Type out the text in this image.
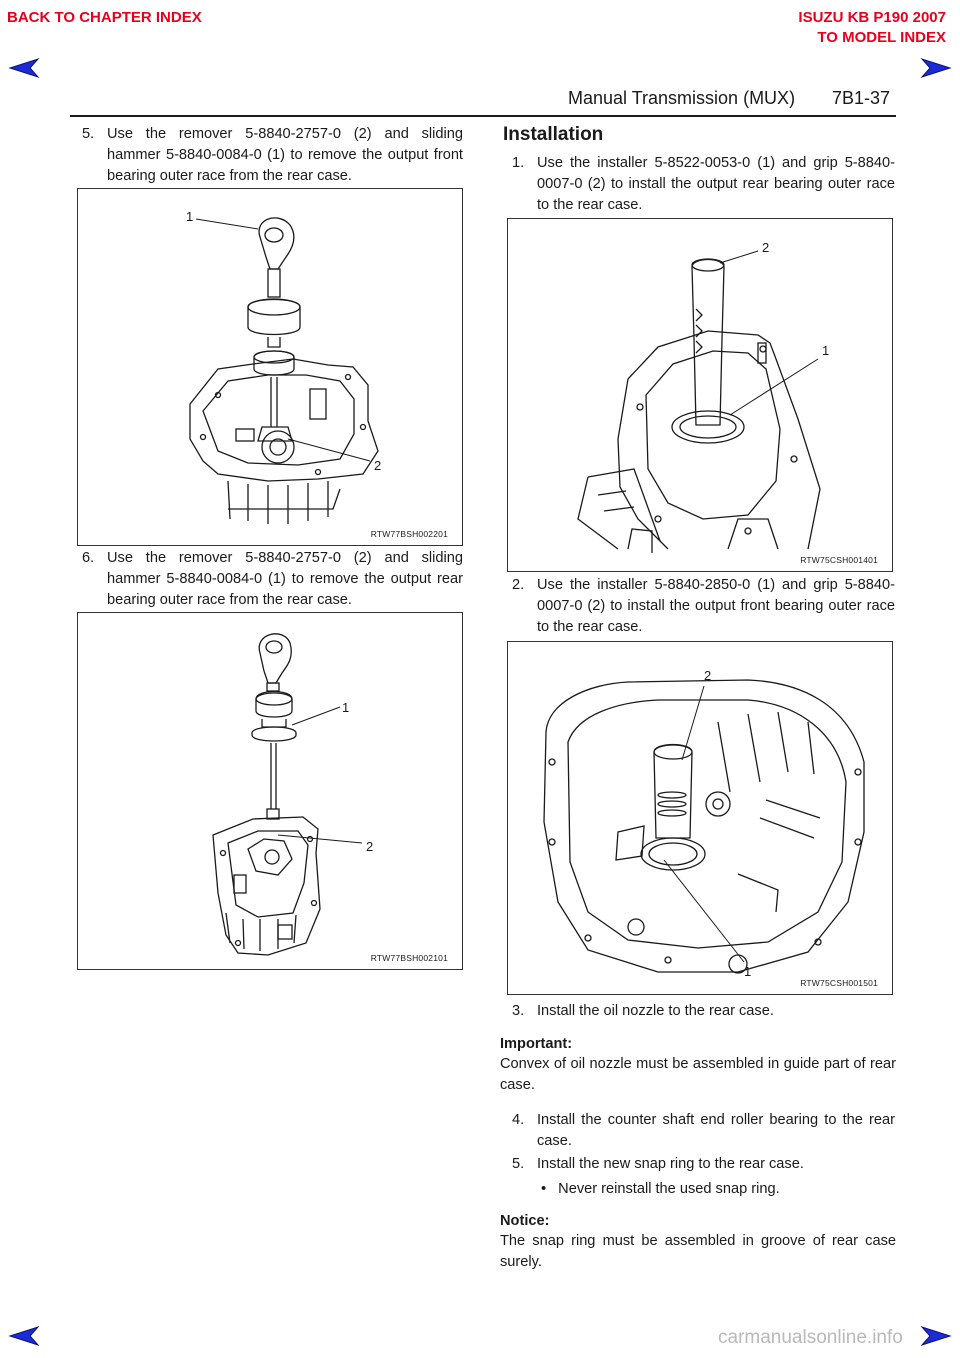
BACK TO CHAPTER INDEX	ISUZU KB P190 2007
TO MODEL INDEX
Manual Transmission (MUX) 7B1-37
5. Use the remover 5-8840-2757-0 (2) and sliding hammer 5-8840-0084-0 (1) to remove the output front bearing outer race from the rear case.
1
2
RTW77BSH002201
6. Use the remover 5-8840-2757-0 (2) and sliding hammer 5-8840-0084-0 (1) to remove the output rear bearing outer race from the rear case.
1
2
RTW77BSH002101
Installation
1. Use the installer 5-8522-0053-0 (1) and grip 5-8840-0007-0 (2) to install the output rear bearing outer race to the rear case.
2
1
RTW75CSH001401
2. Use the installer 5-8840-2850-0 (1) and grip 5-8840-0007-0 (2) to install the output front bearing outer race to the rear case.
2
1
RTW75CSH001501
3. Install the oil nozzle to the rear case.
Important:
Convex of oil nozzle must be assembled in guide part of rear case.
4. Install the counter shaft end roller bearing to the rear case.
5. Install the new snap ring to the rear case.
• Never reinstall the used snap ring.
Notice:
The snap ring must be assembled in groove of rear case surely.
carmanualsonline.info
